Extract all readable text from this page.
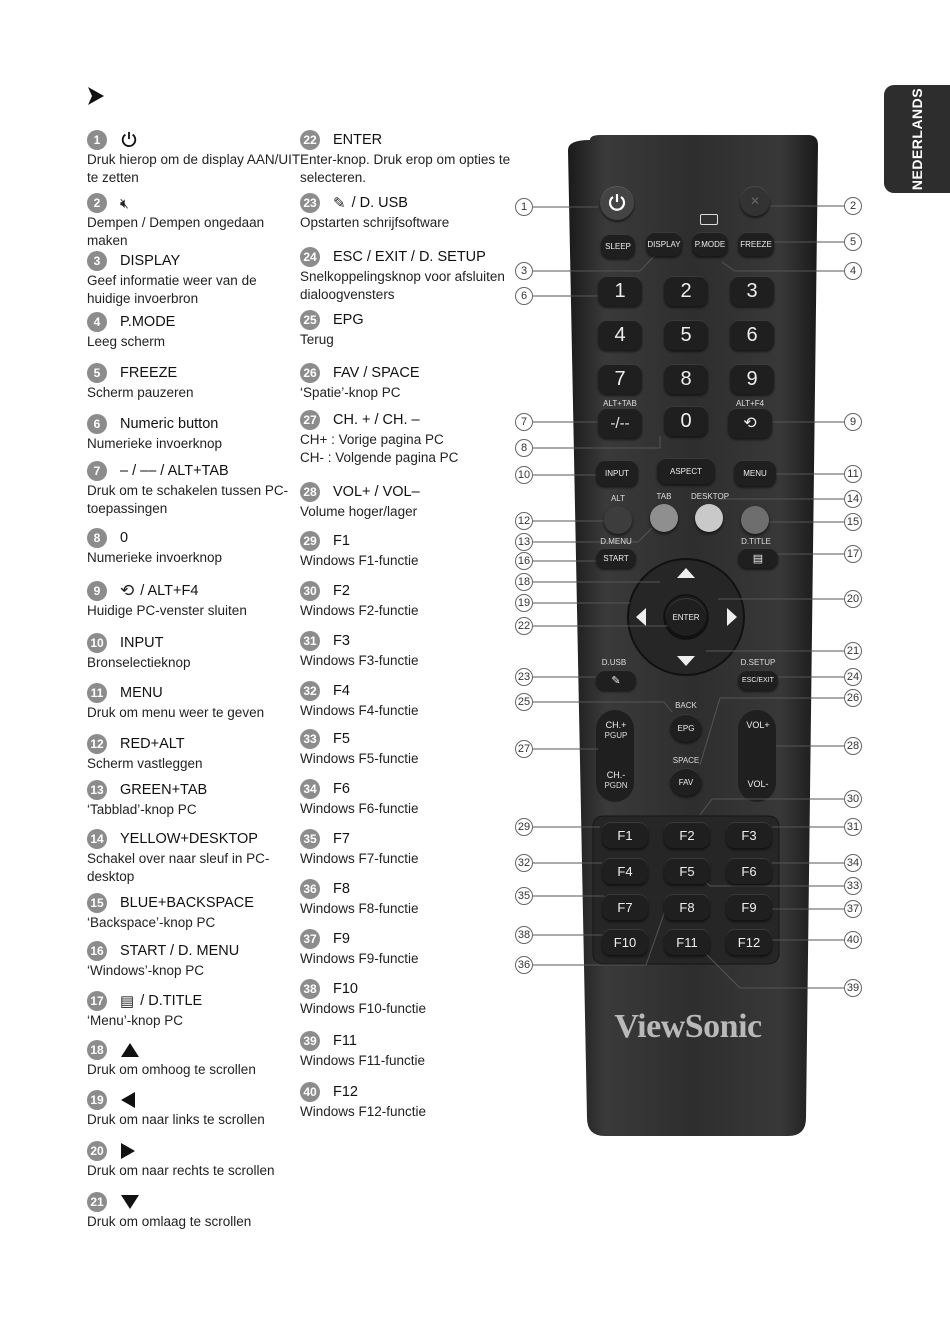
NEDERLANDS
1
Druk hierop om de display AAN/UIT te zetten
2	🔇︎
Dempen / Dempen ongedaan maken
3	DISPLAY
Geef informatie weer van de huidige invoerbron
4	P.MODE
Leeg scherm
5	FREEZE
Scherm pauzeren
6	Numeric button
Numerieke invoerknop
7	– / –– / ALT+TAB
Druk om te schakelen tussen PC-toepassingen
8	0
Numerieke invoerknop
9	⟲ / ALT+F4
Huidige PC-venster sluiten
10 INPUT
Bronselectieknop
11 MENU
Druk om menu weer te geven
12 RED+ALT
Scherm vastleggen
13 GREEN+TAB
‘Tabblad’-knop PC
14 YELLOW+DESKTOP
Schakel over naar sleuf in PC-desktop
15 BLUE+BACKSPACE
‘Backspace’-knop PC
16 START / D. MENU
‘Windows’-knop PC
17 ▤ / D.TITLE
‘Menu’-knop PC
18
Druk om omhoog te scrollen
19
Druk om naar links te scrollen
20
Druk om naar rechts te scrollen
21
Druk om omlaag te scrollen
22 ENTER
Enter-knop. Druk erop om opties te selecteren.
23 ✎ / D. USB
Opstarten schrijfsoftware
24 ESC / EXIT / D. SETUP
Snelkoppelingsknop voor afsluiten dialoogvensters
25 EPG
Terug
26 FAV / SPACE
‘Spatie’-knop PC
27 CH. + / CH. –
CH+ : Vorige pagina PC
CH- : Volgende pagina PC
28 VOL+ / VOL–
Volume hoger/lager
29 F1
Windows F1-functie
30 F2
Windows F2-functie
31 F3
Windows F3-functie
32 F4
Windows F4-functie
33 F5
Windows F5-functie
34 F6
Windows F6-functie
35 F7
Windows F7-functie
36 F8
Windows F8-functie
37 F9
Windows F9-functie
38 F10
Windows F10-functie
39 F11
Windows F11-functie
40 F12
Windows F12-functie
✕
SLEEP	DISPLAY	P.MODE	FREEZE
1	2	3
4	5	6
7	8	9
ALT+TAB
-/--	0
ALT+F4
⟲
INPUT	ASPECT	MENU
ALT	TAB	DESKTOP
D.MENU
START
D.TITLE
▤
ENTER
D.USB
✎
D.SETUP
ESC/EXIT
BACK
EPG
SPACE
FAV
CH.+
PGUP
CH.-
PGDN
VOL+
VOL-
F1	F2	F3
F4	F5	F6
F7	F8	F9
F10	F11	F12
ViewSonic
1
3
6
7
8
10
12
13
16
18
19
22
23
25
27
29
32
35
36
38
2
4
5
9
11
14
15
17
20
21
24
26
28
30
31
33
34
37
39
40
